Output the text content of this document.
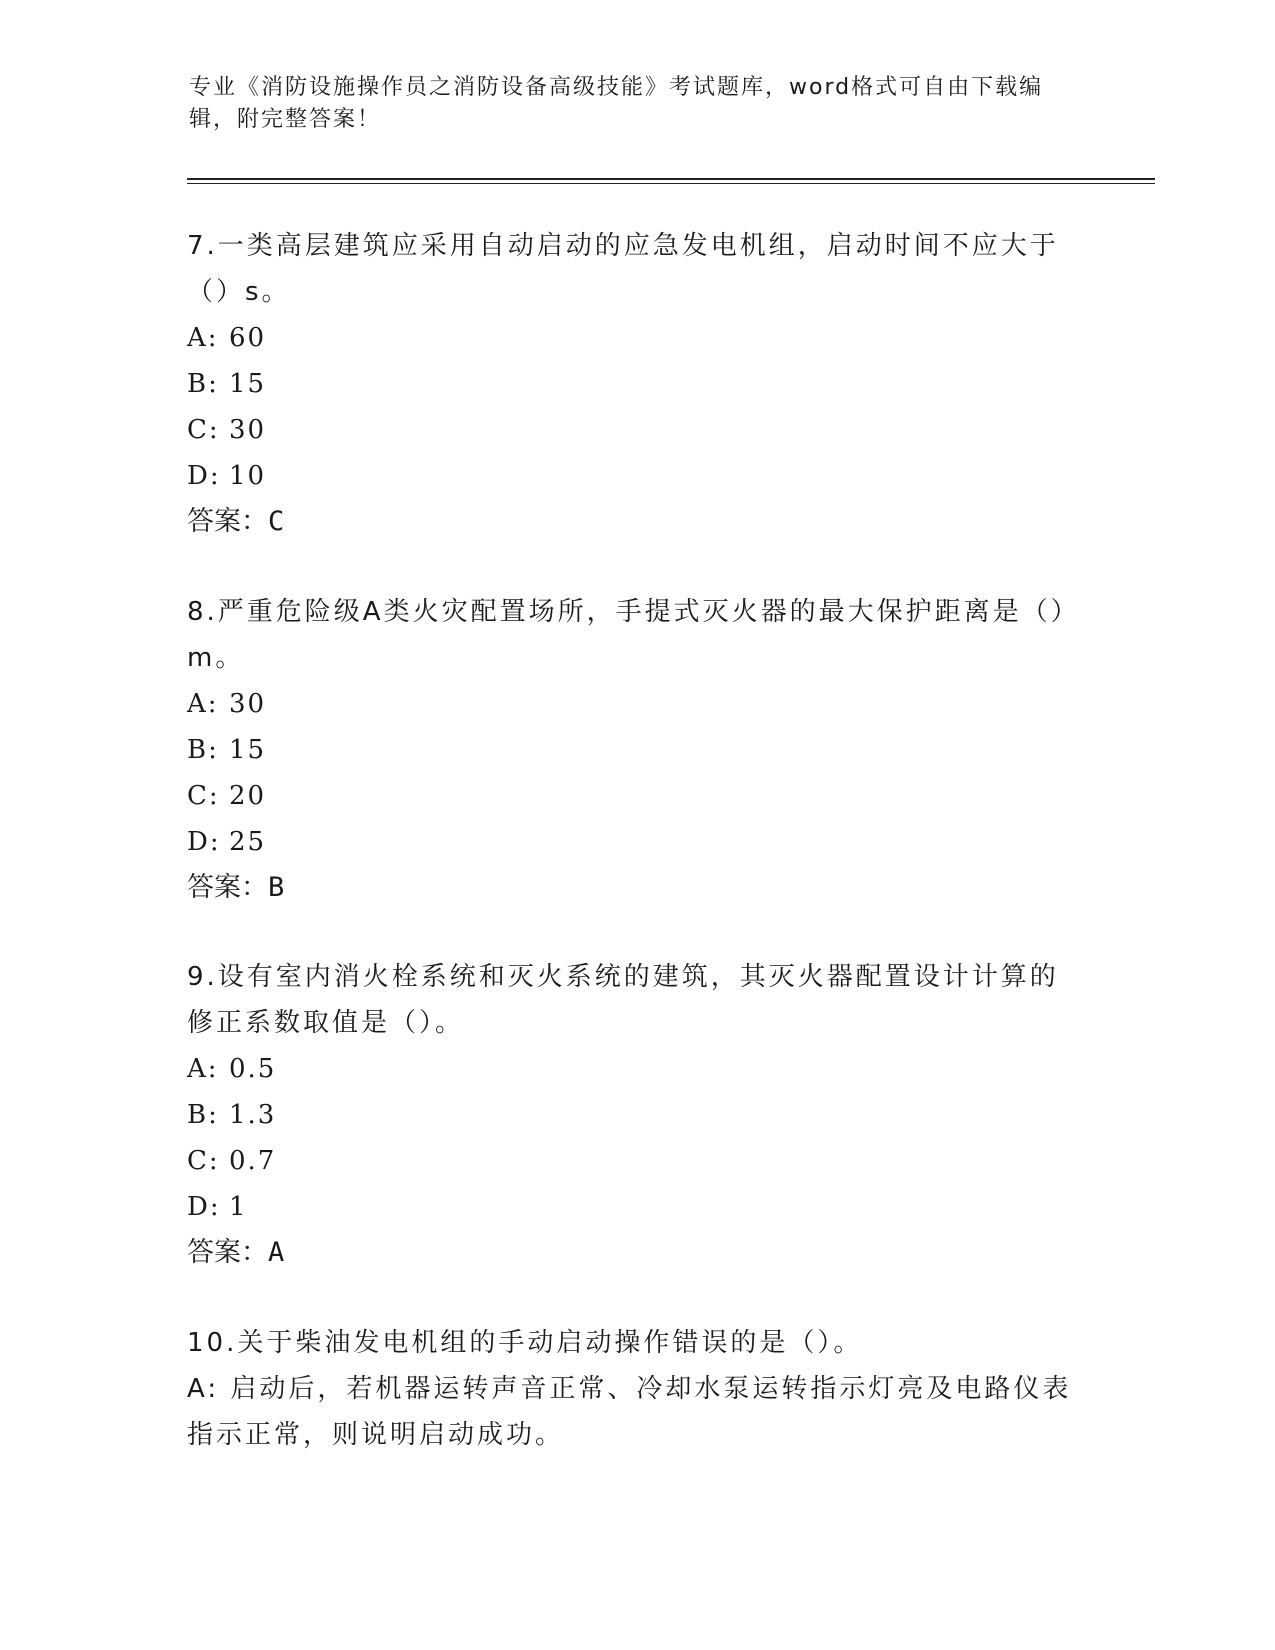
专业《消防设施操作员之消防设备高级技能》考试题库，word格式可自由下载编辑，附完整答案！

7.一类高层建筑应采用自动启动的应急发电机组，启动时间不应大于（）s。

A: 60

B: 15

C: 30

D: 10

答案：C

8.严重危险级A类火灾配置场所，手提式灭火器的最大保护距离是（）m。

A: 30

B: 15

C: 20

D: 25

答案：B

9.设有室内消火栓系统和灭火系统的建筑，其灭火器配置设计计算的修正系数取值是（）。

A: 0.5

B: 1.3

C: 0.7

D: 1

答案：A

10.关于柴油发电机组的手动启动操作错误的是（）。

A: 启动后，若机器运转声音正常、冷却水泵运转指示灯亮及电路仪表指示正常，则说明启动成功。
